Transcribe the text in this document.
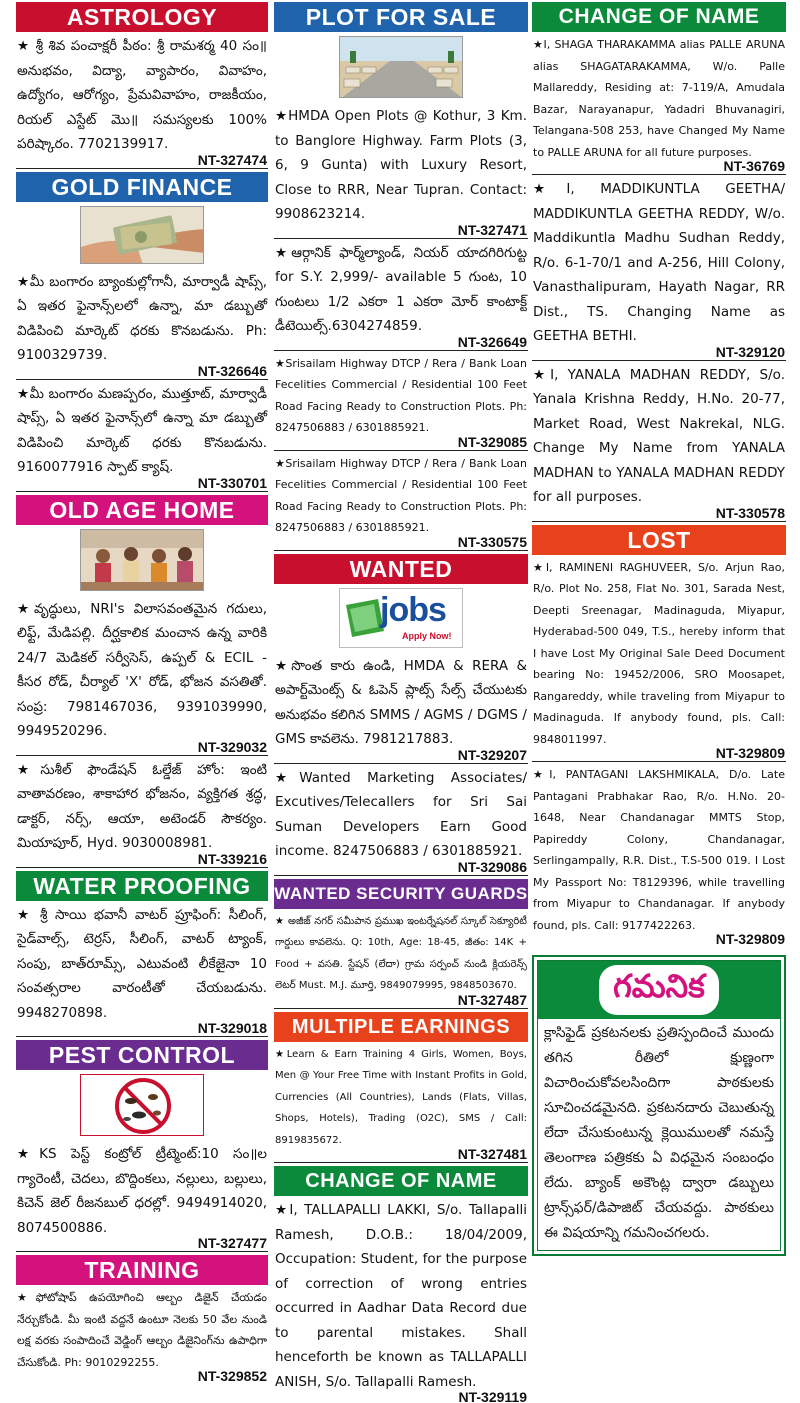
ASTROLOGY
★ శ్రీ శివ పంచాక్షరీ పీఠం: శ్రీ రామశర్మ 40 సం॥ అనుభవం, విద్యా, వ్యాపారం, వివాహం, ఉద్యోగం, ఆరోగ్యం, ప్రేమవివాహం, రాజకీయం, రియల్ ఎస్టేట్ మొ॥ సమస్యలకు 100% పరిష్కారం. 7702139917.
NT-327474
GOLD FINANCE
★మీ బంగారం బ్యాంకుల్లోగానీ, మార్వాడీ షాప్స్, ఏ ఇతర ఫైనాన్స్‌లలో ఉన్నా, మా డబ్బుతో విడిపించి మార్కెట్ ధరకు కొనబడును. Ph: 9100329739.
NT-326646
★మీ బంగారం మణప్పరం, ముత్తూట్, మార్వాడీ షాప్స్, ఏ ఇతర ఫైనాన్స్‌లో ఉన్నా మా డబ్బుతో విడిపించి మార్కెట్ ధరకు కొనబడును. 9160077916 స్పాట్ క్యాష్.
NT-330701
OLD AGE HOME
★వృద్ధులు, NRI's విలాసవంతమైన గదులు, లిఫ్ట్, మేడిపల్లి. దీర్ఘకాలిక మంచాన ఉన్న వారికి 24/7 మెడికల్ సర్వీసెస్, ఉప్పల్ & ECIL - కీసర రోడ్, చీర్యాల్ 'X' రోడ్, భోజన వసతితో. సంప్ర: 7981467036, 9391039990, 9949520296.
NT-329032
★సుశీల్ ఫౌండేషన్ ఓల్డేజ్ హోం: ఇంటి వాతావరణం, శాకాహార భోజనం, వ్యక్తిగత శ్రద్ధ, డాక్టర్, నర్స్, ఆయా, అటెండర్ సౌకర్యం. మియాపూర్, Hyd. 9030008981.
NT-339216
WATER PROOFING
★ శ్రీ సాయి భవానీ వాటర్ ప్రూఫింగ్: సీలింగ్, సైడ్‌వాల్స్, టెర్రస్, సీలింగ్, వాటర్ ట్యాంక్, సంపు, బాత్‌రూమ్స్, ఎటువంటి లీకేజైనా 10 సంవత్సరాల వారంటీతో చేయబడును. 9948270898.
NT-329018
PEST CONTROL
★KS పెస్ట్ కంట్రోల్ ట్రీట్మెంట్:10 సం॥ల గ్యారెంటీ, చెదలు, బొద్దింకలు, నల్లులు, బల్లులు, కిచెన్ జెల్ రీజనబుల్ ధరల్లో. 9494914020, 8074500886.
NT-327477
TRAINING
★ఫోటోషాప్ ఉపయోగించి ఆల్బం డిజైన్ చేయడం నేర్చుకోండి. మీ ఇంటి వద్దనే ఉంటూ నెలకు 50 వేల నుండి లక్ష వరకు సంపాదించే వెడ్డింగ్ ఆల్బం డిజైనింగ్‌ను ఉపాధిగా చేసుకోండి. Ph: 9010292255.
NT-329852
PLOT FOR SALE
★HMDA Open Plots @ Kothur, 3 Km. to Banglore Highway. Farm Plots (3, 6, 9 Gunta) with Luxury Resort, Close to RRR, Near Tupran. Contact: 9908623214.
NT-327471
★ఆర్గానిక్ ఫార్మ్‌ల్యాండ్, నియర్ యాదగిరిగుట్ట for S.Y. 2,999/- available 5 గుంట, 10 గుంటలు 1/2 ఎకరా 1 ఎకరా మోర్ కాంటాక్ట్ డీటెయిల్స్.6304274859.
NT-326649
★Srisailam Highway DTCP / Rera / Bank Loan Fecelities Commercial / Residential 100 Feet Road Facing Ready to Construction Plots. Ph: 8247506883 / 6301885921.
NT-329085
★Srisailam Highway DTCP / Rera / Bank Loan Fecelities Commercial / Residential 100 Feet Road Facing Ready to Construction Plots. Ph: 8247506883 / 6301885921.
NT-330575
WANTED
jobs
Apply Now!
★సొంత కారు ఉండి, HMDA & RERA & అపార్ట్‌మెంట్స్ & ఓపెన్ ప్లాట్స్ సేల్స్ చేయుటకు అనుభవం కలిగిన SMMS / AGMS / DGMS / GMS కావలెను. 7981217883.
NT-329207
★Wanted Marketing Associates/ Excutives/Telecallers for Sri Sai Suman Developers Earn Good income. 8247506883 / 6301885921.
NT-329086
WANTED SECURITY GUARDS
★ అజీజ్ నగర్ సమీపాన ప్రముఖ ఇంటర్నేషనల్ స్కూల్ సెక్యూరిటీ గార్డులు కావలెను. Q: 10th, Age: 18-45, జీతం: 14K + Food + వసతి. స్టేషన్ (లేదా) గ్రామ సర్పంచ్ నుండి క్లియరెన్స్ లెటర్ Must. M.J. మూర్తి, 9849079995, 9848503670.
NT-327487
MULTIPLE EARNINGS
★Learn & Earn Training 4 Girls, Women, Boys, Men @ Your Free Time with Instant Profits in Gold, Currencies (All Countries), Lands (Flats, Villas, Shops, Hotels), Trading (O2C), SMS / Call: 8919835672.
NT-327481
CHANGE OF NAME
★I, TALLAPALLI LAKKI, S/o. Tallapalli Ramesh, D.O.B.: 18/04/2009, Occupation: Student, for the purpose of correction of wrong entries occurred in Aadhar Data Record due to parental mistakes. Shall henceforth be known as TALLAPALLI ANISH, S/o. Tallapalli Ramesh.
NT-329119
CHANGE OF NAME
★I, SHAGA THARAKAMMA alias PALLE ARUNA alias SHAGATARAKAMMA, W/o. Palle Mallareddy, Residing at: 7-119/A, Amudala Bazar, Narayanapur, Yadadri Bhuvanagiri, Telangana-508 253, have Changed My Name to PALLE ARUNA for all future purposes.
NT-36769
★I, MADDIKUNTLA GEETHA/ MADDIKUNTLA GEETHA REDDY, W/o. Maddikuntla Madhu Sudhan Reddy, R/o. 6-1-70/1 and A-256, Hill Colony, Vanasthalipuram, Hayath Nagar, RR Dist., TS. Changing Name as GEETHA BETHI.
NT-329120
★I, YANALA MADHAN REDDY, S/o. Yanala Krishna Reddy, H.No. 20-77, Market Road, West Nakrekal, NLG. Change My Name from YANALA MADHAN to YANALA MADHAN REDDY for all purposes.
NT-330578
LOST
★I, RAMINENI RAGHUVEER, S/o. Arjun Rao, R/o. Plot No. 258, Flat No. 301, Sarada Nest, Deepti Sreenagar, Madinaguda, Miyapur, Hyderabad-500 049, T.S., hereby inform that I have Lost My Original Sale Deed Document bearing No: 19452/2006, SRO Moosapet, Rangareddy, while traveling from Miyapur to Madinaguda. If anybody found, pls. Call: 9848011997.
NT-329809
★I, PANTAGANI LAKSHMIKALA, D/o. Late Pantagani Prabhakar Rao, R/o. H.No. 20-1648, Near Chandanagar MMTS Stop, Papireddy Colony, Chandanagar, Serlingampally, R.R. Dist., T.S-500 019. I Lost My Passport No: T8129396, while travelling from Miyapur to Chandanagar. If anybody found, pls. Call: 9177422263.
NT-329809
గమనిక
క్లాసిఫైడ్ ప్రకటనలకు ప్రతిస్పందించే ముందు తగిన రీతిలో క్షుణ్ణంగా విచారించుకోవలసిందిగా పాఠకులకు సూచించడమైనది. ప్రకటనదారు చెబుతున్న లేదా చేసుకుంటున్న క్లెయిములతో నమస్తే తెలంగాణ పత్రికకు ఏ విధమైన సంబంధం లేదు. బ్యాంక్ అకౌంట్ల ద్వారా డబ్బులు ట్రాన్స్‌ఫర్/డిపాజిట్ చేయవద్దు. పాఠకులు ఈ విషయాన్ని గమనించగలరు.
